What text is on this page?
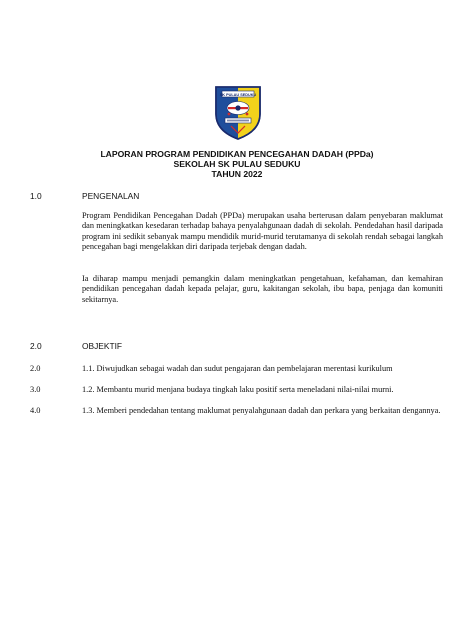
SK PULAU SEDUKU
LAPORAN PROGRAM PENDIDIKAN PENCEGAHAN DADAH (PPDa)
SEKOLAH SK PULAU SEDUKU
TAHUN 2022
1.0	PENGENALAN

Program Pendidikan Pencegahan Dadah (PPDa) merupakan usaha berterusan dalam penyebaran maklumat dan meningkatkan kesedaran terhadap bahaya penyalahgunaan dadah di sekolah. Pendedahan hasil daripada program ini sedikit sebanyak mampu mendidik murid-murid terutamanya di sekolah rendah sebagai langkah pencegahan bagi mengelakkan diri daripada terjebak dengan dadah.

Ia diharap mampu menjadi pemangkin dalam meningkatkan pengetahuan, kefahaman, dan kemahiran pendidikan pencegahan dadah kepada pelajar, guru, kakitangan sekolah, ibu bapa, penjaga dan komuniti sekitarnya.

2.0	OBJEKTIF
2.0	1.1. Diwujudkan sebagai wadah dan sudut pengajaran dan pembelajaran merentasi kurikulum

3.0	1.2. Membantu murid menjana budaya tingkah laku positif serta meneladani nilai-nilai murni.

4.0	1.3. Memberi pendedahan tentang maklumat penyalahgunaan dadah dan perkara yang berkaitan dengannya.
